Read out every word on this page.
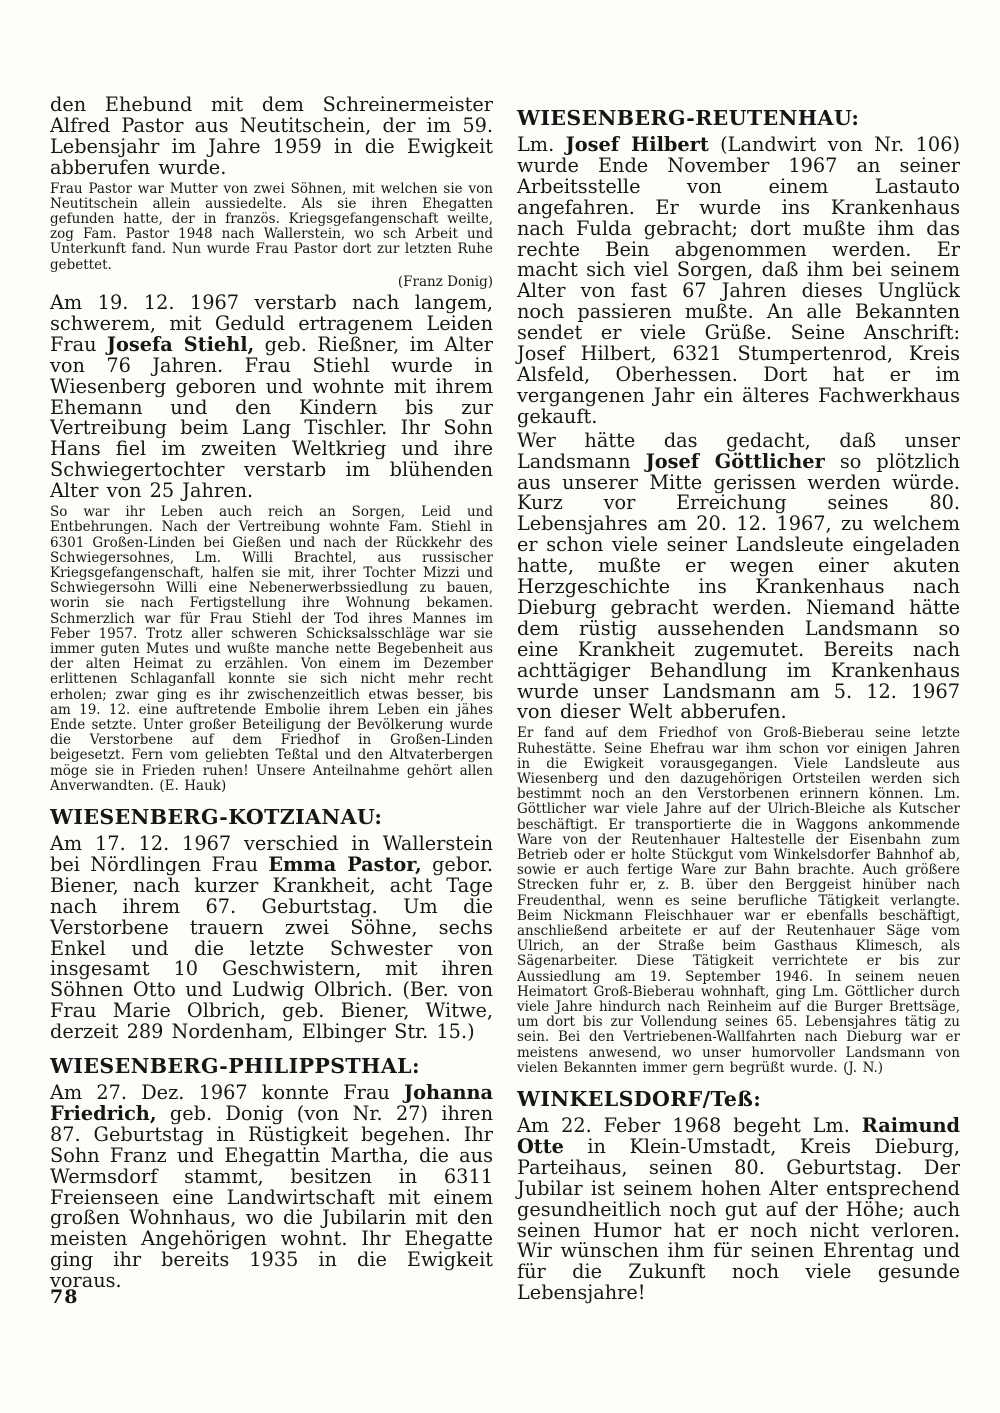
den Ehebund mit dem Schreinermeister Alfred Pastor aus Neutitschein, der im 59. Lebensjahr im Jahre 1959 in die Ewigkeit abberufen wurde.

Frau Pastor war Mutter von zwei Söhnen, mit welchen sie von Neutitschein allein aussiedelte. Als sie ihren Ehegatten gefunden hatte, der in französ. Kriegsgefangenschaft weilte, zog Fam. Pastor 1948 nach Wallerstein, wo sch Arbeit und Unterkunft fand. Nun wurde Frau Pastor dort zur letzten Ruhe gebettet.

(Franz Donig)

Am 19. 12. 1967 verstarb nach langem, schwerem, mit Geduld ertragenem Leiden Frau Josefa Stiehl, geb. Rießner, im Alter von 76 Jahren. Frau Stiehl wurde in Wiesenberg geboren und wohnte mit ihrem Ehemann und den Kindern bis zur Vertreibung beim Lang Tischler. Ihr Sohn Hans fiel im zweiten Weltkrieg und ihre Schwiegertochter verstarb im blühenden Alter von 25 Jahren.

So war ihr Leben auch reich an Sorgen, Leid und Entbehrungen. Nach der Vertreibung wohnte Fam. Stiehl in 6301 Großen-Linden bei Gießen und nach der Rückkehr des Schwiegersohnes, Lm. Willi Brachtel, aus russischer Kriegsgefangenschaft, halfen sie mit, ihrer Tochter Mizzi und Schwiegersohn Willi eine Nebenerwerbssiedlung zu bauen, worin sie nach Fertigstellung ihre Wohnung bekamen. Schmerzlich war für Frau Stiehl der Tod ihres Mannes im Feber 1957. Trotz aller schweren Schicksalsschläge war sie immer guten Mutes und wußte manche nette Begebenheit aus der alten Heimat zu erzählen. Von einem im Dezember erlittenen Schlaganfall konnte sie sich nicht mehr recht erholen; zwar ging es ihr zwischenzeitlich etwas besser, bis am 19. 12. eine auftretende Embolie ihrem Leben ein jähes Ende setzte. Unter großer Beteiligung der Bevölkerung wurde die Verstorbene auf dem Friedhof in Großen-Linden beigesetzt. Fern vom geliebten Teßtal und den Altvaterbergen möge sie in Frieden ruhen! Unsere Anteilnahme gehört allen Anverwandten. (E. Hauk)

WIESENBERG-KOTZIANAU:

Am 17. 12. 1967 verschied in Wallerstein bei Nördlingen Frau Emma Pastor, gebor. Biener, nach kurzer Krankheit, acht Tage nach ihrem 67. Geburtstag. Um die Verstorbene trauern zwei Söhne, sechs Enkel und die letzte Schwester von insgesamt 10 Geschwistern, mit ihren Söhnen Otto und Ludwig Olbrich. (Ber. von Frau Marie Olbrich, geb. Biener, Witwe, derzeit 289 Nordenham, Elbinger Str. 15.)

WIESENBERG-PHILIPPSTHAL:

Am 27. Dez. 1967 konnte Frau Johanna Friedrich, geb. Donig (von Nr. 27) ihren 87. Geburtstag in Rüstigkeit begehen. Ihr Sohn Franz und Ehegattin Martha, die aus Wermsdorf stammt, besitzen in 6311 Freienseen eine Landwirtschaft mit einem großen Wohnhaus, wo die Jubilarin mit den meisten Angehörigen wohnt. Ihr Ehegatte ging ihr bereits 1935 in die Ewigkeit voraus.

WIESENBERG-REUTENHAU:

Lm. Josef Hilbert (Landwirt von Nr. 106) wurde Ende November 1967 an seiner Arbeitsstelle von einem Lastauto angefahren. Er wurde ins Krankenhaus nach Fulda gebracht; dort mußte ihm das rechte Bein abgenommen werden. Er macht sich viel Sorgen, daß ihm bei seinem Alter von fast 67 Jahren dieses Unglück noch passieren mußte. An alle Bekannten sendet er viele Grüße. Seine Anschrift: Josef Hilbert, 6321 Stumpertenrod, Kreis Alsfeld, Oberhessen. Dort hat er im vergangenen Jahr ein älteres Fachwerkhaus gekauft.

Wer hätte das gedacht, daß unser Landsmann Josef Göttlicher so plötzlich aus unserer Mitte gerissen werden würde. Kurz vor Erreichung seines 80. Lebensjahres am 20. 12. 1967, zu welchem er schon viele seiner Landsleute eingeladen hatte, mußte er wegen einer akuten Herzgeschichte ins Krankenhaus nach Dieburg gebracht werden. Niemand hätte dem rüstig aussehenden Landsmann so eine Krankheit zugemutet. Bereits nach achttägiger Behandlung im Krankenhaus wurde unser Landsmann am 5. 12. 1967 von dieser Welt abberufen.

Er fand auf dem Friedhof von Groß-Bieberau seine letzte Ruhestätte. Seine Ehefrau war ihm schon vor einigen Jahren in die Ewigkeit vorausgegangen. Viele Landsleute aus Wiesenberg und den dazugehörigen Ortsteilen werden sich bestimmt noch an den Verstorbenen erinnern können. Lm. Göttlicher war viele Jahre auf der Ulrich-Bleiche als Kutscher beschäftigt. Er transportierte die in Waggons ankommende Ware von der Reutenhauer Haltestelle der Eisenbahn zum Betrieb oder er holte Stückgut vom Winkelsdorfer Bahnhof ab, sowie er auch fertige Ware zur Bahn brachte. Auch größere Strecken fuhr er, z. B. über den Berggeist hinüber nach Freudenthal, wenn es seine berufliche Tätigkeit verlangte. Beim Nickmann Fleischhauer war er ebenfalls beschäftigt, anschließend arbeitete er auf der Reutenhauer Säge vom Ulrich, an der Straße beim Gasthaus Klimesch, als Sägenarbeiter. Diese Tätigkeit verrichtete er bis zur Aussiedlung am 19. September 1946. In seinem neuen Heimatort Groß-Bieberau wohnhaft, ging Lm. Göttlicher durch viele Jahre hindurch nach Reinheim auf die Burger Brettsäge, um dort bis zur Vollendung seines 65. Lebensjahres tätig zu sein. Bei den Vertriebenen-Wallfahrten nach Dieburg war er meistens anwesend, wo unser humorvoller Landsmann von vielen Bekannten immer gern begrüßt wurde. (J. N.)

WINKELSDORF/Teß:

Am 22. Feber 1968 begeht Lm. Raimund Otte in Klein-Umstadt, Kreis Dieburg, Parteihaus, seinen 80. Geburtstag. Der Jubilar ist seinem hohen Alter entsprechend gesundheitlich noch gut auf der Höhe; auch seinen Humor hat er noch nicht verloren. Wir wünschen ihm für seinen Ehrentag und für die Zukunft noch viele gesunde Lebensjahre!

78
